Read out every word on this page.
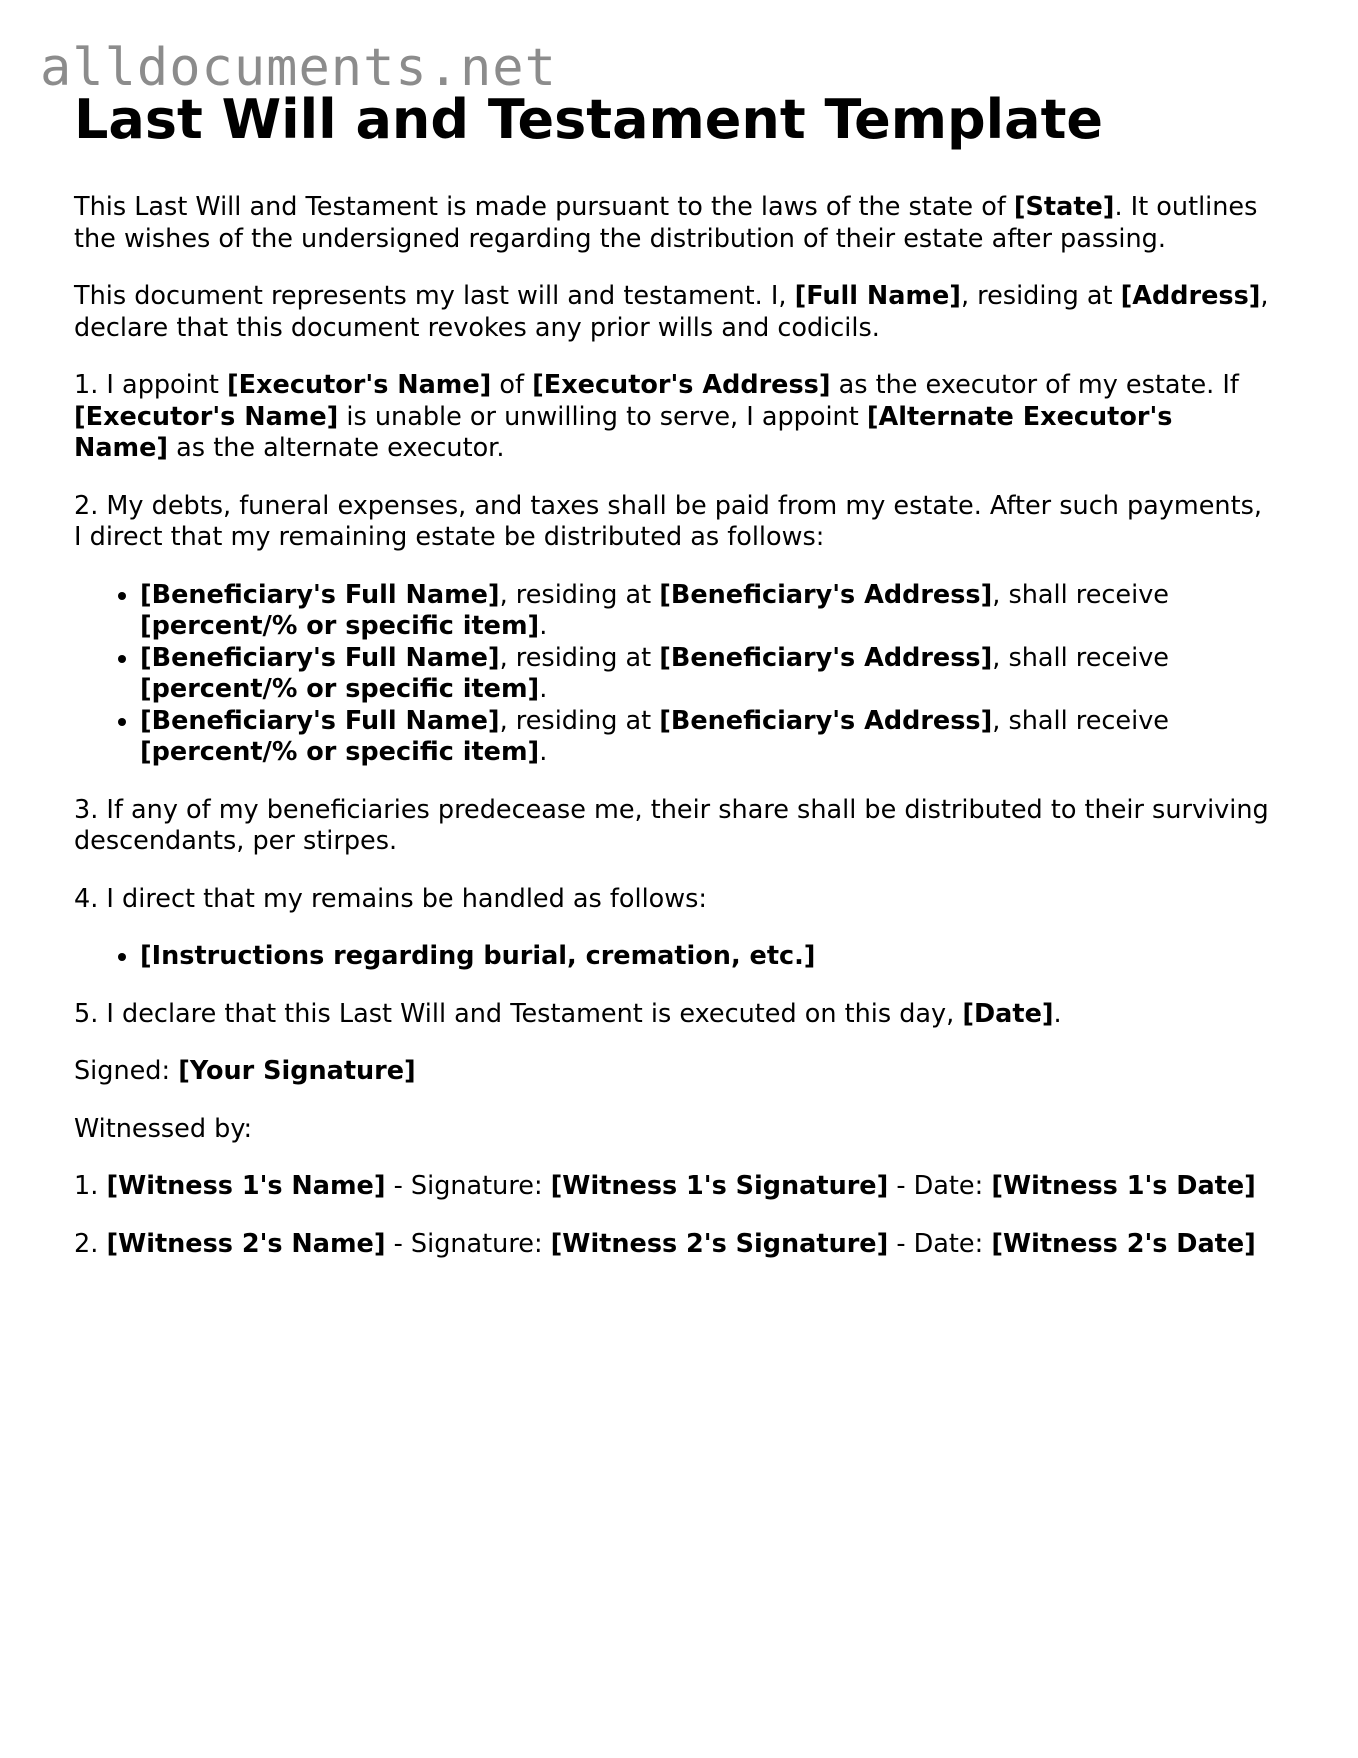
alldocuments.net
Last Will and Testament Template

This Last Will and Testament is made pursuant to the laws of the state of [State]. It outlines the wishes of the undersigned regarding the distribution of their estate after passing.

This document represents my last will and testament. I, [Full Name], residing at [Address], declare that this document revokes any prior wills and codicils.

1. I appoint [Executor's Name] of [Executor's Address] as the executor of my estate. If [Executor's Name] is unable or unwilling to serve, I appoint [Alternate Executor's Name] as the alternate executor.

2. My debts, funeral expenses, and taxes shall be paid from my estate. After such payments, I direct that my remaining estate be distributed as follows:

• [Beneficiary's Full Name], residing at [Beneficiary's Address], shall receive [percent/% or specific item].
• [Beneficiary's Full Name], residing at [Beneficiary's Address], shall receive [percent/% or specific item].
• [Beneficiary's Full Name], residing at [Beneficiary's Address], shall receive [percent/% or specific item].

3. If any of my beneficiaries predecease me, their share shall be distributed to their surviving descendants, per stirpes.

4. I direct that my remains be handled as follows:

• [Instructions regarding burial, cremation, etc.]

5. I declare that this Last Will and Testament is executed on this day, [Date].

Signed: [Your Signature]

Witnessed by:

1. [Witness 1's Name] - Signature: [Witness 1's Signature] - Date: [Witness 1's Date]

2. [Witness 2's Name] - Signature: [Witness 2's Signature] - Date: [Witness 2's Date]
